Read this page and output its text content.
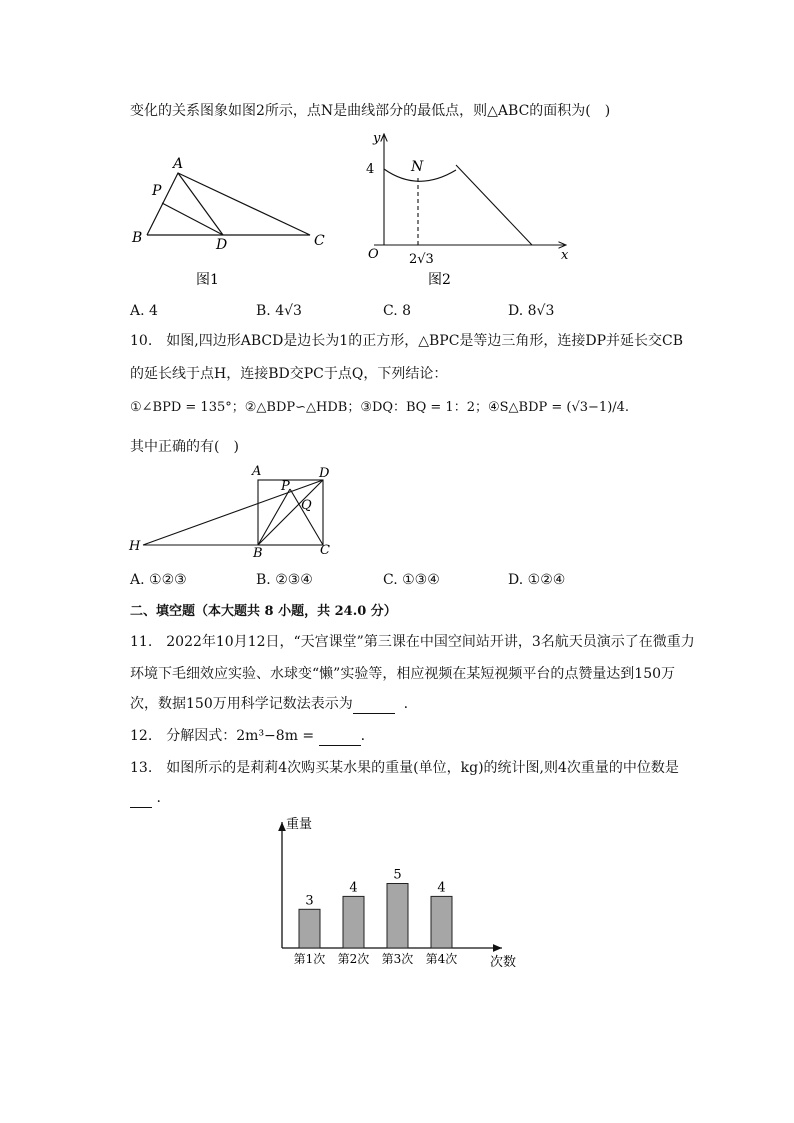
变化的关系图象如图2所示，点N是曲线部分的最低点，则△ABC的面积为(　)
A
P
B	D	C
图1
y
x
O
4	N
2√3
图2
A. 4	B. 4√3	C. 8	D. 8√3
10.　如图,四边形ABCD是边长为1的正方形，△BPC是等边三角形，连接DP并延长交CB
的延长线于点H，连接BD交PC于点Q，下列结论：
①∠BPD = 135°；②△BDP∽△HDB；③DQ：BQ = 1：2；④S△BDP = (√3−1)/4.
其中正确的有(　)
A	D
P
Q
H	B	C
A. ①②③	B. ②③④	C. ①③④	D. ①②④
二、填空题（本大题共 8 小题，共 24.0 分）
11.　2022年10月12日，“天宫课堂”第三课在中国空间站开讲，3名航天员演示了在微重力
环境下毛细效应实验、水球变“懒”实验等，相应视频在某短视频平台的点赞量达到150万
次，数据150万用科学记数法表示为	.
12.　分解因式：2m³−8m =	.
13.　如图所示的是莉莉4次购买某水果的重量(单位，kg)的统计图,则4次重量的中位数是
.
重量
次数
3
第1次
4
第2次
5
第3次
4
第4次
